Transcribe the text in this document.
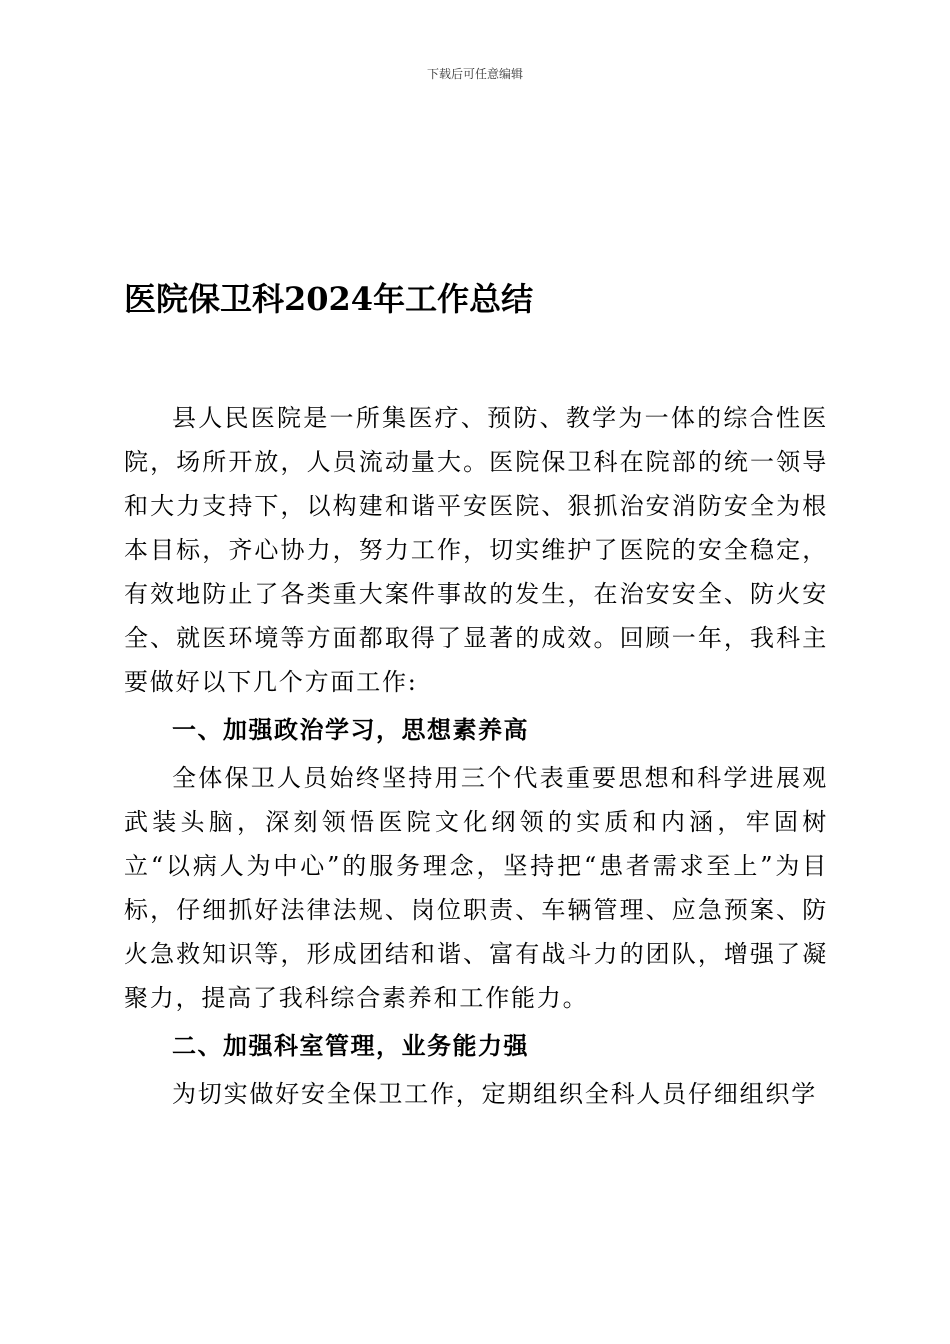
下载后可任意编辑
医院保卫科2024年工作总结

县人民医院是一所集医疗、预防、教学为一体的综合性医院，场所开放，人员流动量大。医院保卫科在院部的统一领导和大力支持下，以构建和谐平安医院、狠抓治安消防安全为根本目标，齐心协力，努力工作，切实维护了医院的安全稳定，有效地防止了各类重大案件事故的发生，在治安安全、防火安全、就医环境等方面都取得了显著的成效。回顾一年，我科主要做好以下几个方面工作:

一、加强政治学习，思想素养高

全体保卫人员始终坚持用三个代表重要思想和科学进展观武装头脑，深刻领悟医院文化纲领的实质和内涵，牢固树立“以病人为中心”的服务理念，坚持把“患者需求至上”为目标，仔细抓好法律法规、岗位职责、车辆管理、应急预案、防火急救知识等，形成团结和谐、富有战斗力的团队，增强了凝聚力，提高了我科综合素养和工作能力。

二、加强科室管理，业务能力强

为切实做好安全保卫工作，定期组织全科人员仔细组织学
